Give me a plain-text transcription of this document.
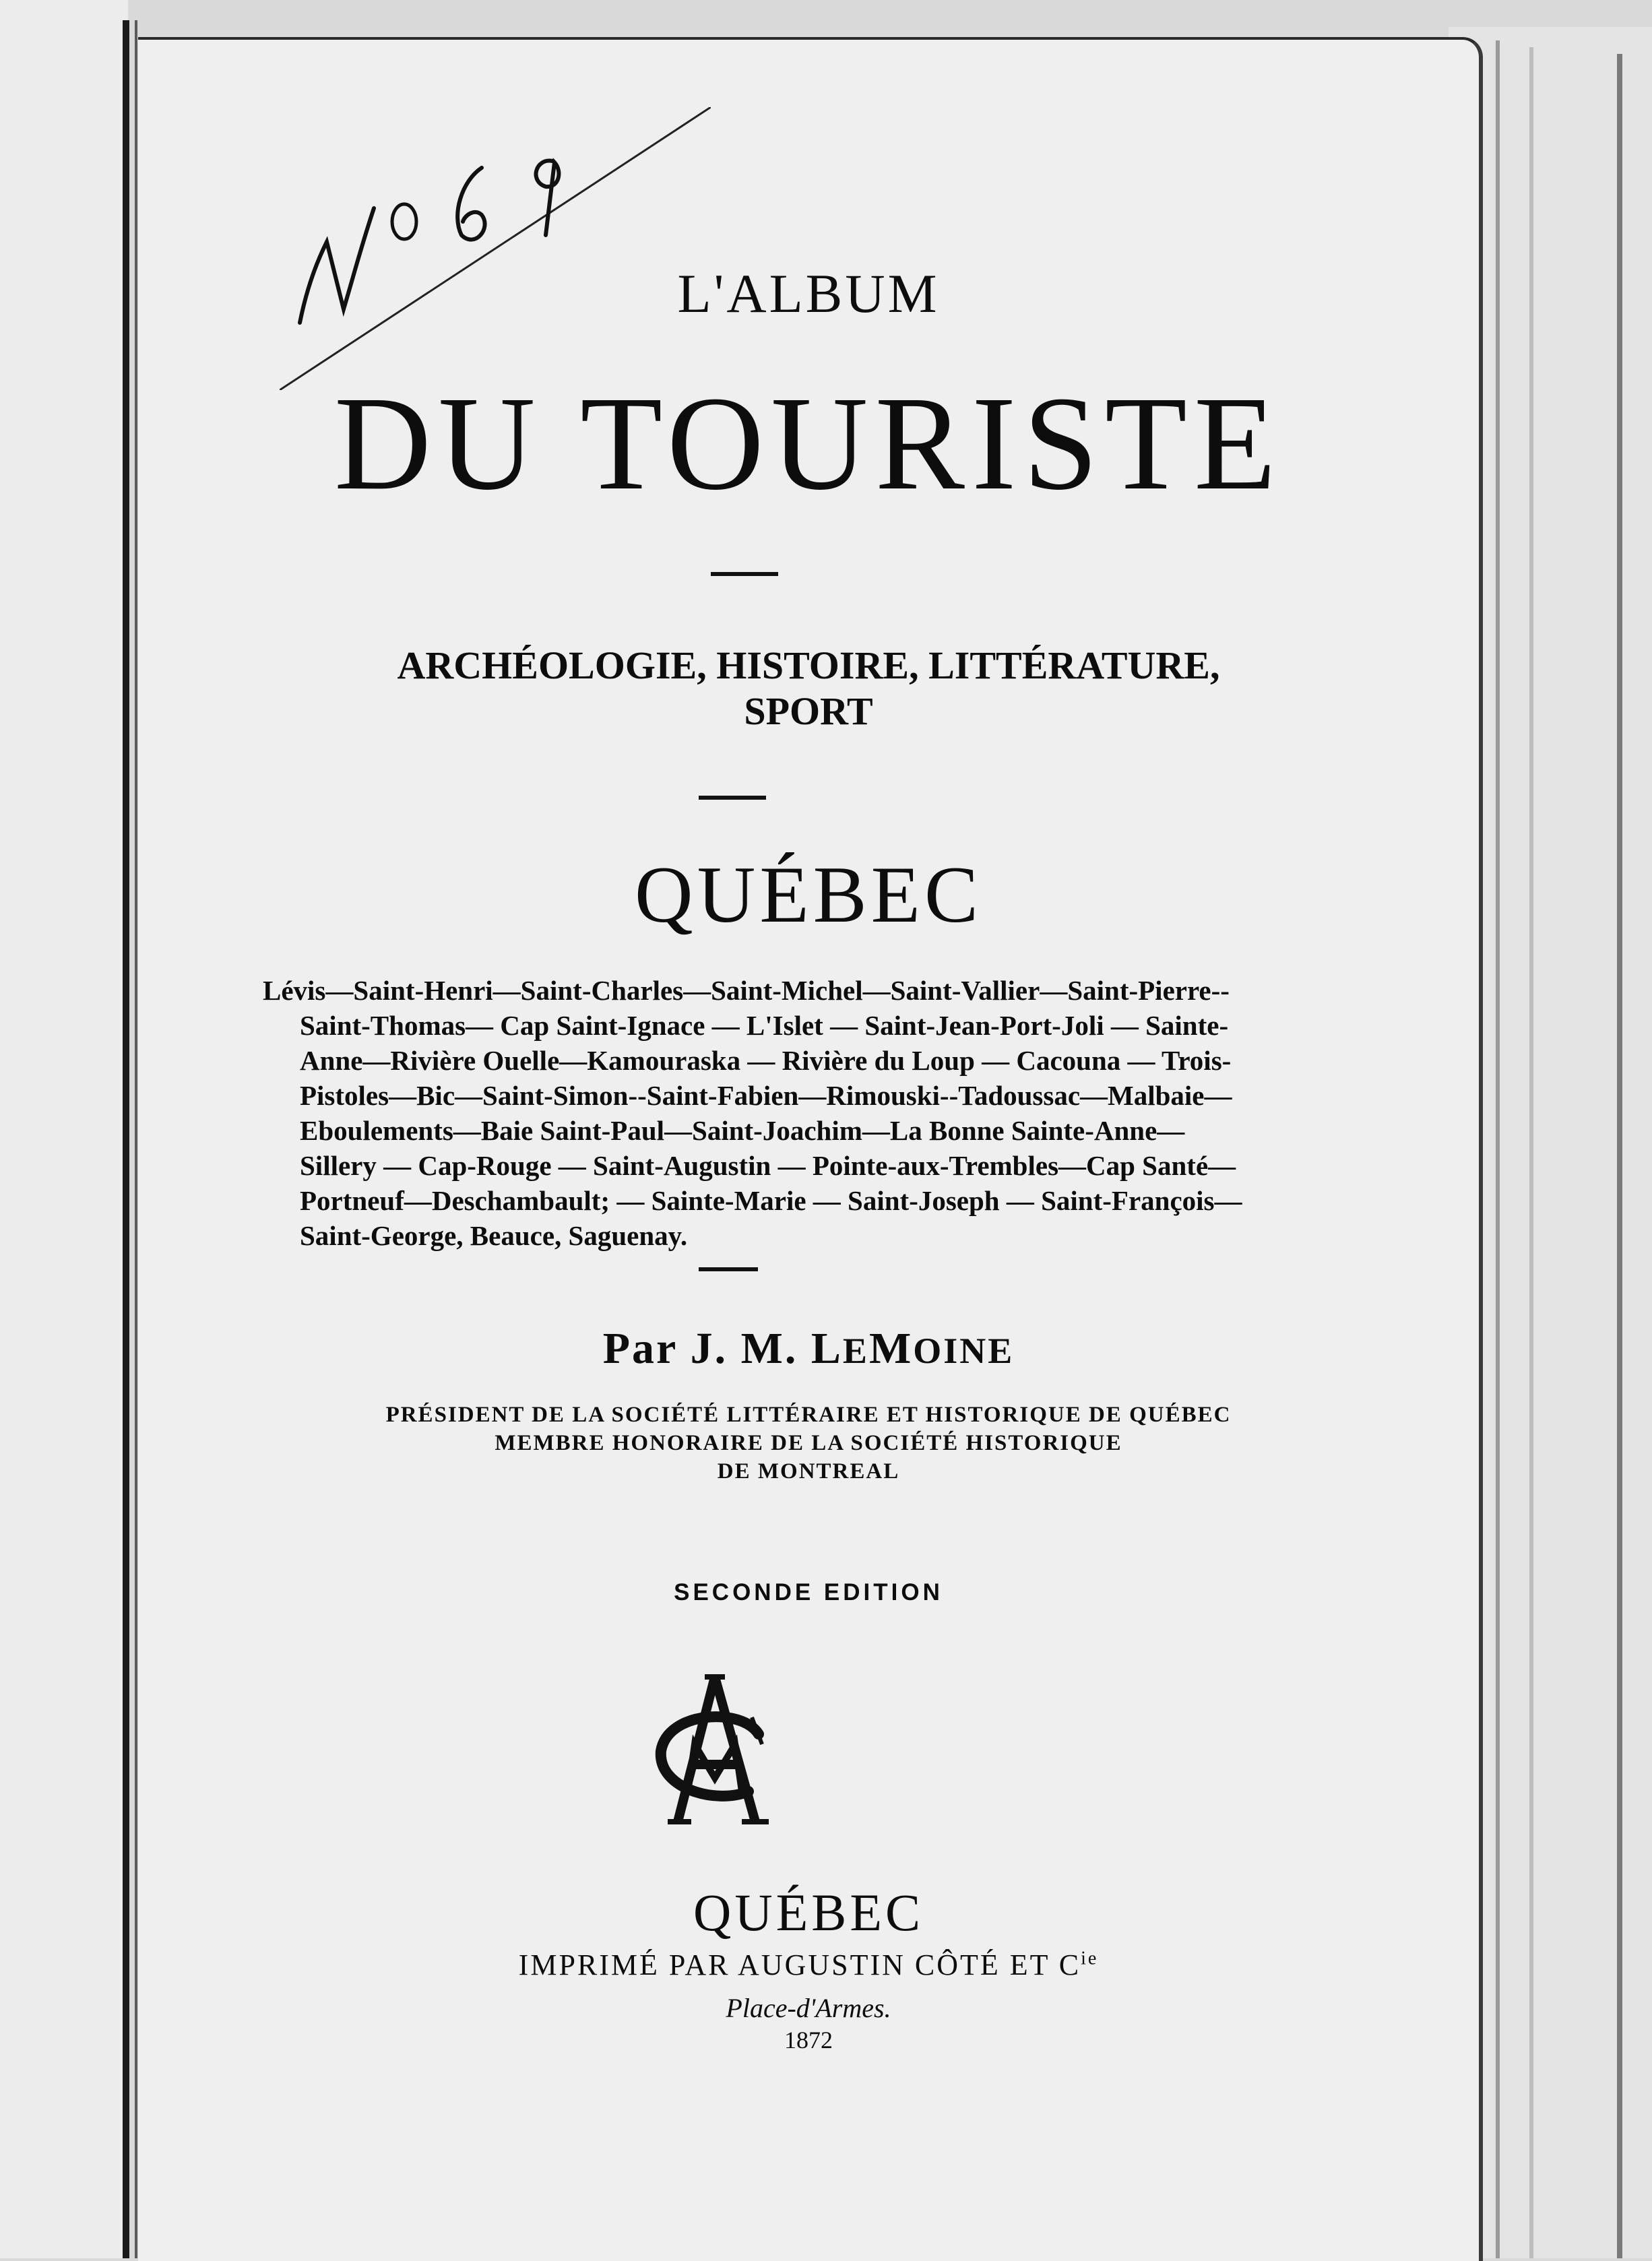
No 69
L'ALBUM
DU TOURISTE
ARCHÉOLOGIE, HISTOIRE, LITTÉRATURE,
SPORT
QUÉBEC

Lévis—Saint-Henri—Saint-Charles—Saint-Michel—Saint-Vallier—Saint-Pierre--

Saint-Thomas— Cap Saint-Ignace — L'Islet — Saint-Jean-Port-Joli — Sainte-

Anne—Rivière Ouelle—Kamouraska — Rivière du Loup — Cacouna — Trois-

Pistoles—Bic—Saint-Simon--Saint-Fabien—Rimouski--Tadoussac—Malbaie—

Eboulements—Baie Saint-Paul—Saint-Joachim—La Bonne Sainte-Anne—

Sillery — Cap-Rouge — Saint-Augustin — Pointe-aux-Trembles—Cap Santé—

Portneuf—Deschambault; — Sainte-Marie — Saint-Joseph — Saint-François—

Saint-George, Beauce, Saguenay.

Par J. M. LEMOINE

PRÉSIDENT DE LA SOCIÉTÉ LITTÉRAIRE ET HISTORIQUE DE QUÉBEC

MEMBRE HONORAIRE DE LA SOCIÉTÉ HISTORIQUE

DE MONTREAL

SECONDE EDITION
QUÉBEC
IMPRIMÉ PAR AUGUSTIN CÔTÉ ET $C^{ie}$
Place-d'Armes.
1872
